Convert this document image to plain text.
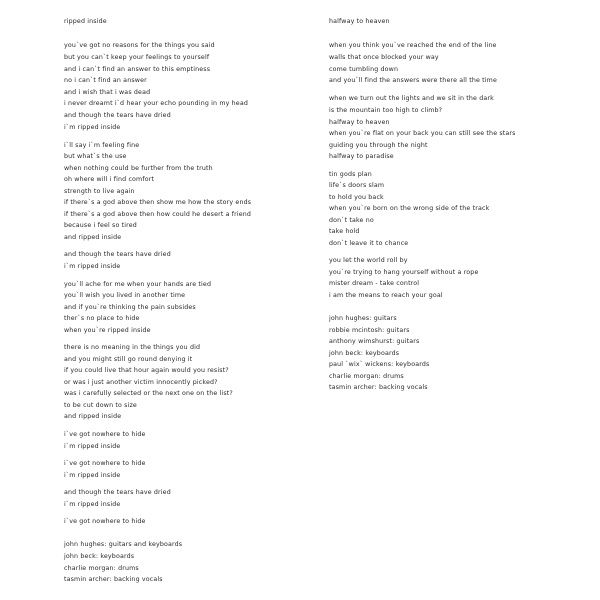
ripped inside
you`ve got no reasons for the things you said
but you can`t keep your feelings to yourself
and i can`t find an answer to this emptiness
no i can`t find an answer
and i wish that i was dead
i never dreamt i`d hear your echo pounding in my head
and though the tears have dried
i`m ripped inside
i`ll say i`m feeling fine
but what`s the use
when nothing could be further from the truth
oh where will i find comfort
strength to live again
if there`s a god above then show me how the story ends
if there`s a god above then how could he desert a friend
because i feel so tired
and ripped inside
and though the tears have dried
i`m ripped inside
you`ll ache for me when your hands are tied
you`ll wish you lived in another time
and if you`re thinking the pain subsides
ther`s no place to hide
when you`re ripped inside
there is no meaning in the things you did
and you might still go round denying it
if you could live that hour again would you resist?
or was i just another victim innocently picked?
was i carefully selected or the next one on the list?
to be cut down to size
and ripped inside
i`ve got nowhere to hide
i`m ripped inside
i`ve got nowhere to hide
i`m ripped inside
and though the tears have dried
i`m ripped inside
i`ve got nowhere to hide
john hughes: guitars and keyboards
john beck: keyboards
charlie morgan: drums
tasmin archer: backing vocals
halfway to heaven
when you think you`ve reached the end of the line
walls that once blocked your way
come tumbling down
and you`ll find the answers were there all the time
when we turn out the lights and we sit in the dark
is the mountain too high to climb?
halfway to heaven
when you`re flat on your back you can still see the stars
guiding you through the night
halfway to paradise
tin gods plan
life`s doors slam
to hold you back
when you`re born on the wrong side of the track
don`t take no
take hold
don`t leave it to chance
you let the world roll by
you`re trying to hang yourself without a rope
mister dream - take control
i am the means to reach your goal
john hughes: guitars
robbie mcintosh: guitars
anthony wimshurst: guitars
john beck: keyboards
paul `wix` wickens: keyboards
charlie morgan: drums
tasmin archer: backing vocals
